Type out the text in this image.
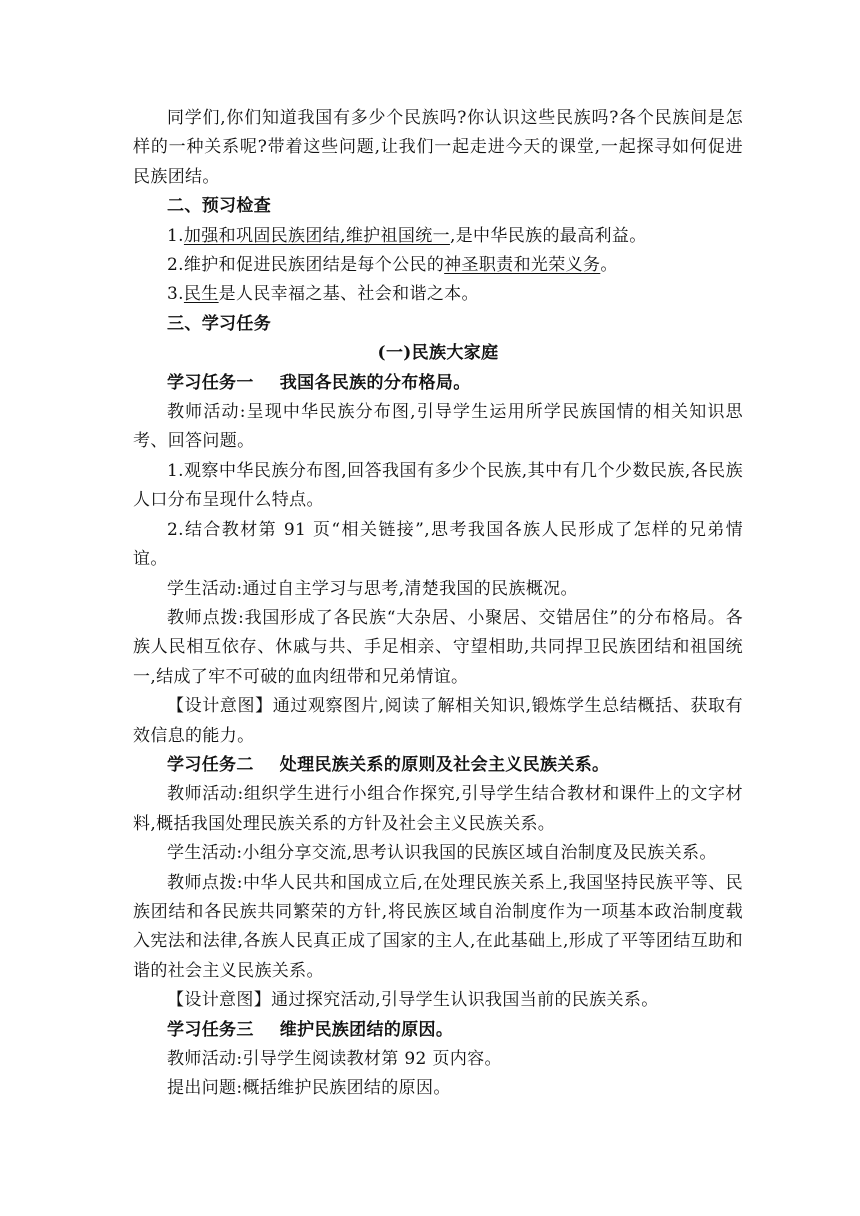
同学们,你们知道我国有多少个民族吗?你认识这些民族吗?各个民族间是怎样的一种关系呢?带着这些问题,让我们一起走进今天的课堂,一起探寻如何促进民族团结。

二、预习检查

1.加强和巩固民族团结,维护祖国统一,是中华民族的最高利益。

2.维护和促进民族团结是每个公民的神圣职责和光荣义务。

3.民生是人民幸福之基、社会和谐之本。

三、学习任务

(一)民族大家庭

学习任务一 我国各民族的分布格局。

教师活动:呈现中华民族分布图,引导学生运用所学民族国情的相关知识思考、回答问题。

1.观察中华民族分布图,回答我国有多少个民族,其中有几个少数民族,各民族人口分布呈现什么特点。

2.结合教材第 91 页“相关链接”,思考我国各族人民形成了怎样的兄弟情谊。

学生活动:通过自主学习与思考,清楚我国的民族概况。

教师点拨:我国形成了各民族“大杂居、小聚居、交错居住”的分布格局。各族人民相互依存、休戚与共、手足相亲、守望相助,共同捍卫民族团结和祖国统一,结成了牢不可破的血肉纽带和兄弟情谊。

【设计意图】通过观察图片,阅读了解相关知识,锻炼学生总结概括、获取有效信息的能力。

学习任务二 处理民族关系的原则及社会主义民族关系。

教师活动:组织学生进行小组合作探究,引导学生结合教材和课件上的文字材料,概括我国处理民族关系的方针及社会主义民族关系。

学生活动:小组分享交流,思考认识我国的民族区域自治制度及民族关系。

教师点拨:中华人民共和国成立后,在处理民族关系上,我国坚持民族平等、民族团结和各民族共同繁荣的方针,将民族区域自治制度作为一项基本政治制度载入宪法和法律,各族人民真正成了国家的主人,在此基础上,形成了平等团结互助和谐的社会主义民族关系。

【设计意图】通过探究活动,引导学生认识我国当前的民族关系。

学习任务三 维护民族团结的原因。

教师活动:引导学生阅读教材第 92 页内容。

提出问题:概括维护民族团结的原因。
